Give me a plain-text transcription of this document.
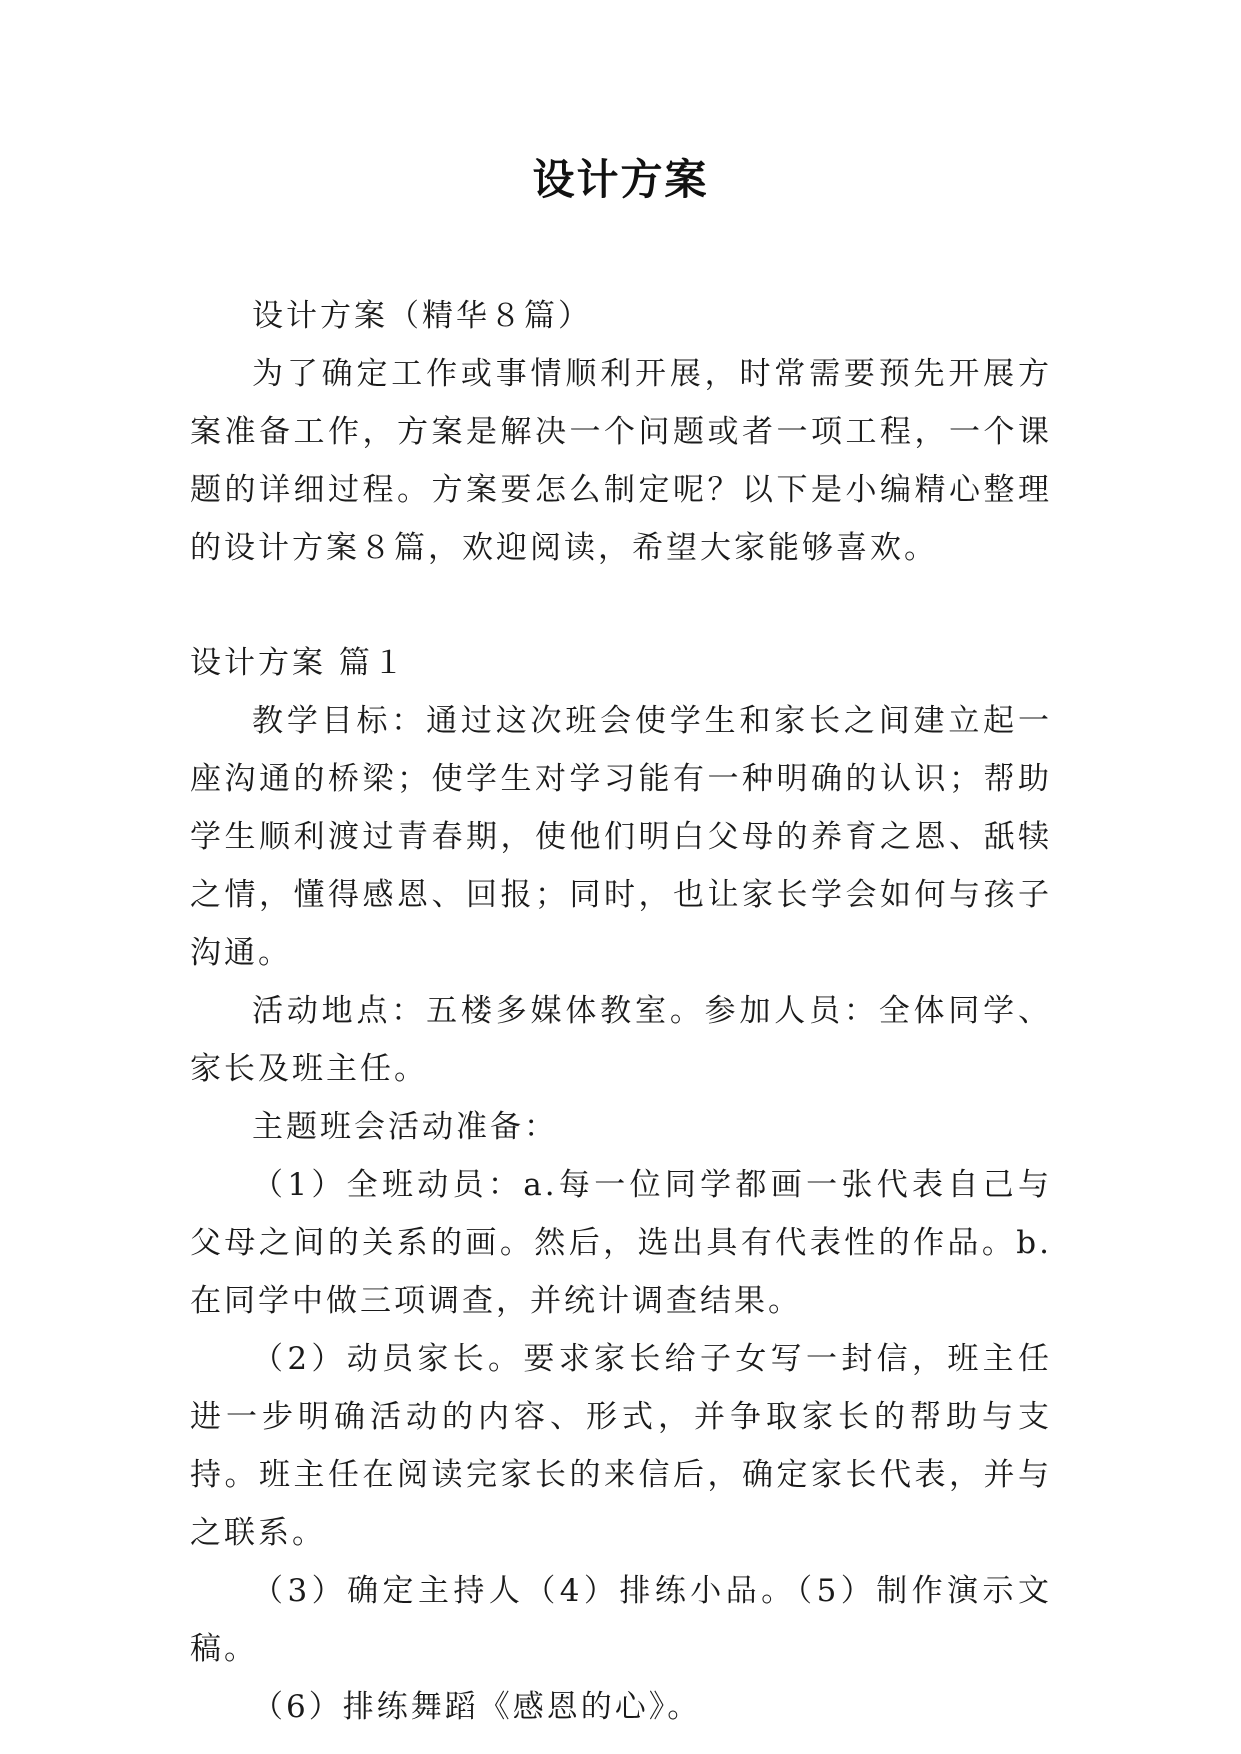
设计方案

设计方案（精华８篇）

为了确定工作或事情顺利开展，时常需要预先开展方案准备工作，方案是解决一个问题或者一项工程，一个课题的详细过程。方案要怎么制定呢？以下是小编精心整理的设计方案８篇，欢迎阅读，希望大家能够喜欢。

设计方案 篇１

教学目标：通过这次班会使学生和家长之间建立起一座沟通的桥梁；使学生对学习能有一种明确的认识；帮助学生顺利渡过青春期，使他们明白父母的养育之恩、舐犊之情，懂得感恩、回报；同时，也让家长学会如何与孩子沟通。

活动地点：五楼多媒体教室。参加人员：全体同学、家长及班主任。

主题班会活动准备：

（1）全班动员：a.每一位同学都画一张代表自己与父母之间的关系的画。然后，选出具有代表性的作品。b.在同学中做三项调查，并统计调查结果。

（2）动员家长。要求家长给子女写一封信，班主任进一步明确活动的内容、形式，并争取家长的帮助与支持。班主任在阅读完家长的来信后，确定家长代表，并与之联系。

（3）确定主持人（4）排练小品。（5）制作演示文稿。

（6）排练舞蹈《感恩的心》。
